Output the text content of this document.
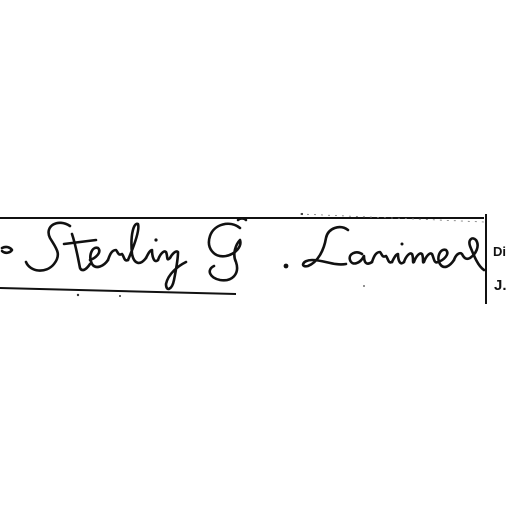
Di
J.
